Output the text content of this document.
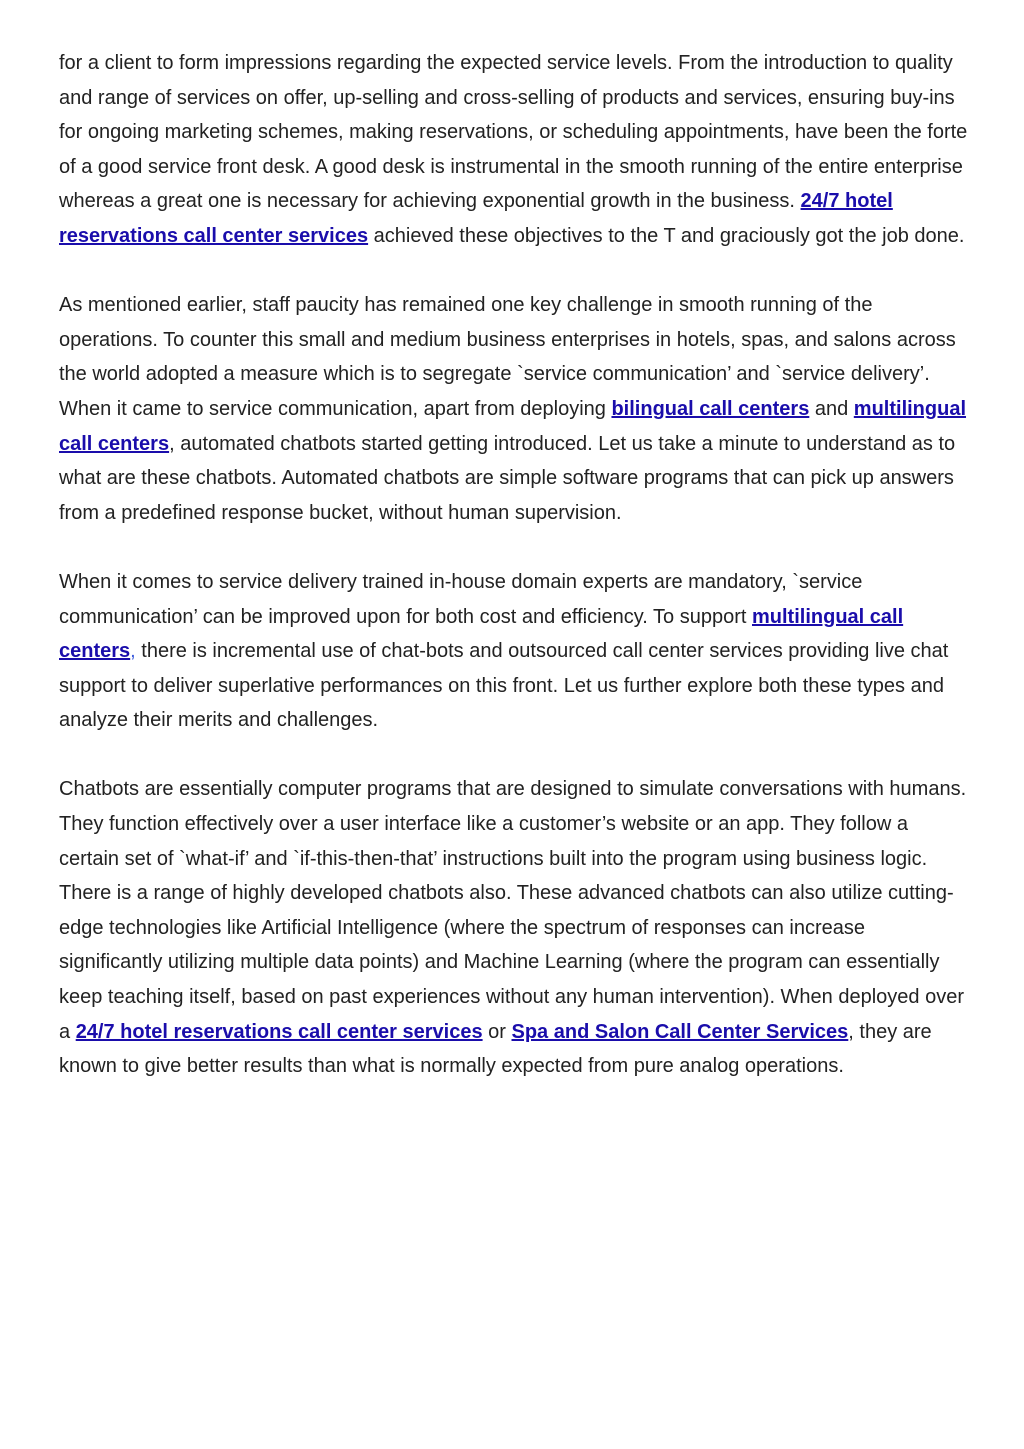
for a client to form impressions regarding the expected service levels. From the introduction to quality and range of services on offer, up-selling and cross-selling of products and services, ensuring buy-ins for ongoing marketing schemes, making reservations, or scheduling appointments, have been the forte of a good service front desk. A good desk is instrumental in the smooth running of the entire enterprise whereas a great one is necessary for achieving exponential growth in the business. 24/7 hotel reservations call center services achieved these objectives to the T and graciously got the job done.

As mentioned earlier, staff paucity has remained one key challenge in smooth running of the operations. To counter this small and medium business enterprises in hotels, spas, and salons across the world adopted a measure which is to segregate `service communication’ and `service delivery’. When it came to service communication, apart from deploying bilingual call centers and multilingual call centers, automated chatbots started getting introduced. Let us take a minute to understand as to what are these chatbots. Automated chatbots are simple software programs that can pick up answers from a predefined response bucket, without human supervision.

When it comes to service delivery trained in-house domain experts are mandatory, `service communication’ can be improved upon for both cost and efficiency. To support multilingual call centers, there is incremental use of chat-bots and outsourced call center services providing live chat support to deliver superlative performances on this front. Let us further explore both these types and analyze their merits and challenges.

Chatbots are essentially computer programs that are designed to simulate conversations with humans. They function effectively over a user interface like a customer’s website or an app. They follow a certain set of `what-if’ and `if-this-then-that’ instructions built into the program using business logic. There is a range of highly developed chatbots also. These advanced chatbots can also utilize cutting-edge technologies like Artificial Intelligence (where the spectrum of responses can increase significantly utilizing multiple data points) and Machine Learning (where the program can essentially keep teaching itself, based on past experiences without any human intervention). When deployed over a 24/7 hotel reservations call center services or Spa and Salon Call Center Services, they are known to give better results than what is normally expected from pure analog operations.
